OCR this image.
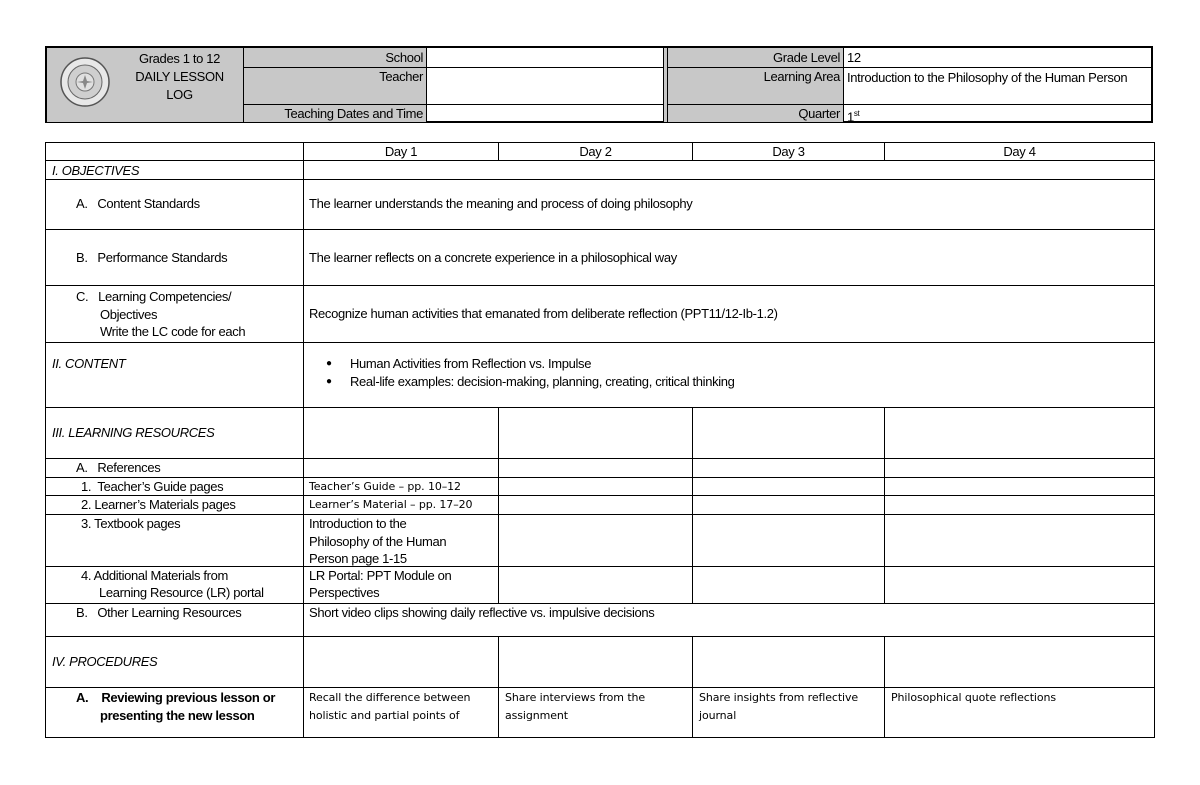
Grades 1 to 12
DAILY LESSON
LOG
School
Teacher
Teaching Dates and Time
Grade Level
Learning Area
Quarter
12
Introduction to the Philosophy of the Human Person
1st
Day 1	Day 2	Day 3	Day 4
I. OBJECTIVES
A.   Content Standards	The learner understands the meaning and process of doing philosophy
B.   Performance Standards	The learner reflects on a concrete experience in a philosophical way
C.   Learning Competencies/
Objectives
Write the LC code for each
Recognize human activities that emanated from deliberate reflection (PPT11/12-Ib-1.2)
II. CONTENT
●	Human Activities from Reflection vs. Impulse
● Real-life examples: decision-making, planning, creating, critical thinking
III. LEARNING RESOURCES
A.   References
1.  Teacher’s Guide pages	Teacher’s Guide – pp. 10–12
2. Learner’s Materials pages	Learner’s Material – pp. 17–20
3. Textbook pages	Introduction to the
Philosophy of the Human
Person page 1-15
4. Additional Materials from
Learning Resource (LR) portal
LR Portal: PPT Module on
Perspectives
B.   Other Learning Resources	Short video clips showing daily reflective vs. impulsive decisions
IV. PROCEDURES
A.    Reviewing previous lesson or
presenting the new lesson
Recall the difference between
holistic and partial points of
Share interviews from the
assignment
Share insights from reflective
journal
Philosophical quote reflections
